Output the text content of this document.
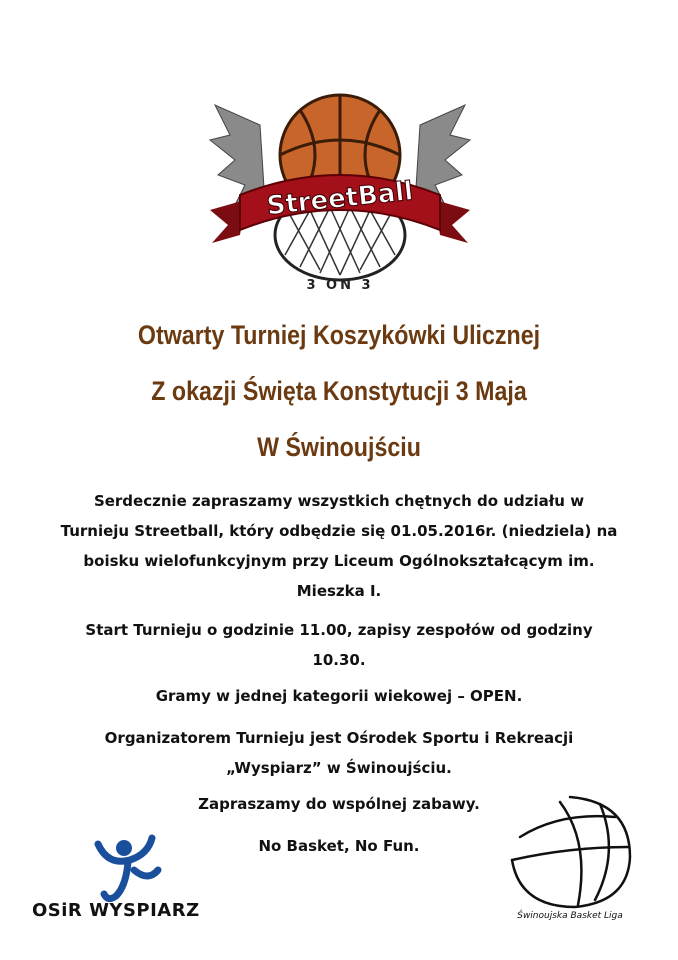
StreetBall
3 ON 3
Otwarty Turniej Koszykówki Ulicznej
Z okazji Święta Konstytucji 3 Maja
W Świnoujściu
Serdecznie zapraszamy wszystkich chętnych do udziału w Turnieju Streetball, który odbędzie się 01.05.2016r. (niedziela) na boisku wielofunkcyjnym przy Liceum Ogólnokształcącym im. Mieszka I.
Start Turnieju o godzinie 11.00, zapisy zespołów od godziny 10.30.
Gramy w jednej kategorii wiekowej – OPEN.
Organizatorem Turnieju jest Ośrodek Sportu i Rekreacji „Wyspiarz” w Świnoujściu.
Zapraszamy do wspólnej zabawy.
No Basket, No Fun.
OSiR WYSPIARZ	Świnoujska Basket Liga
